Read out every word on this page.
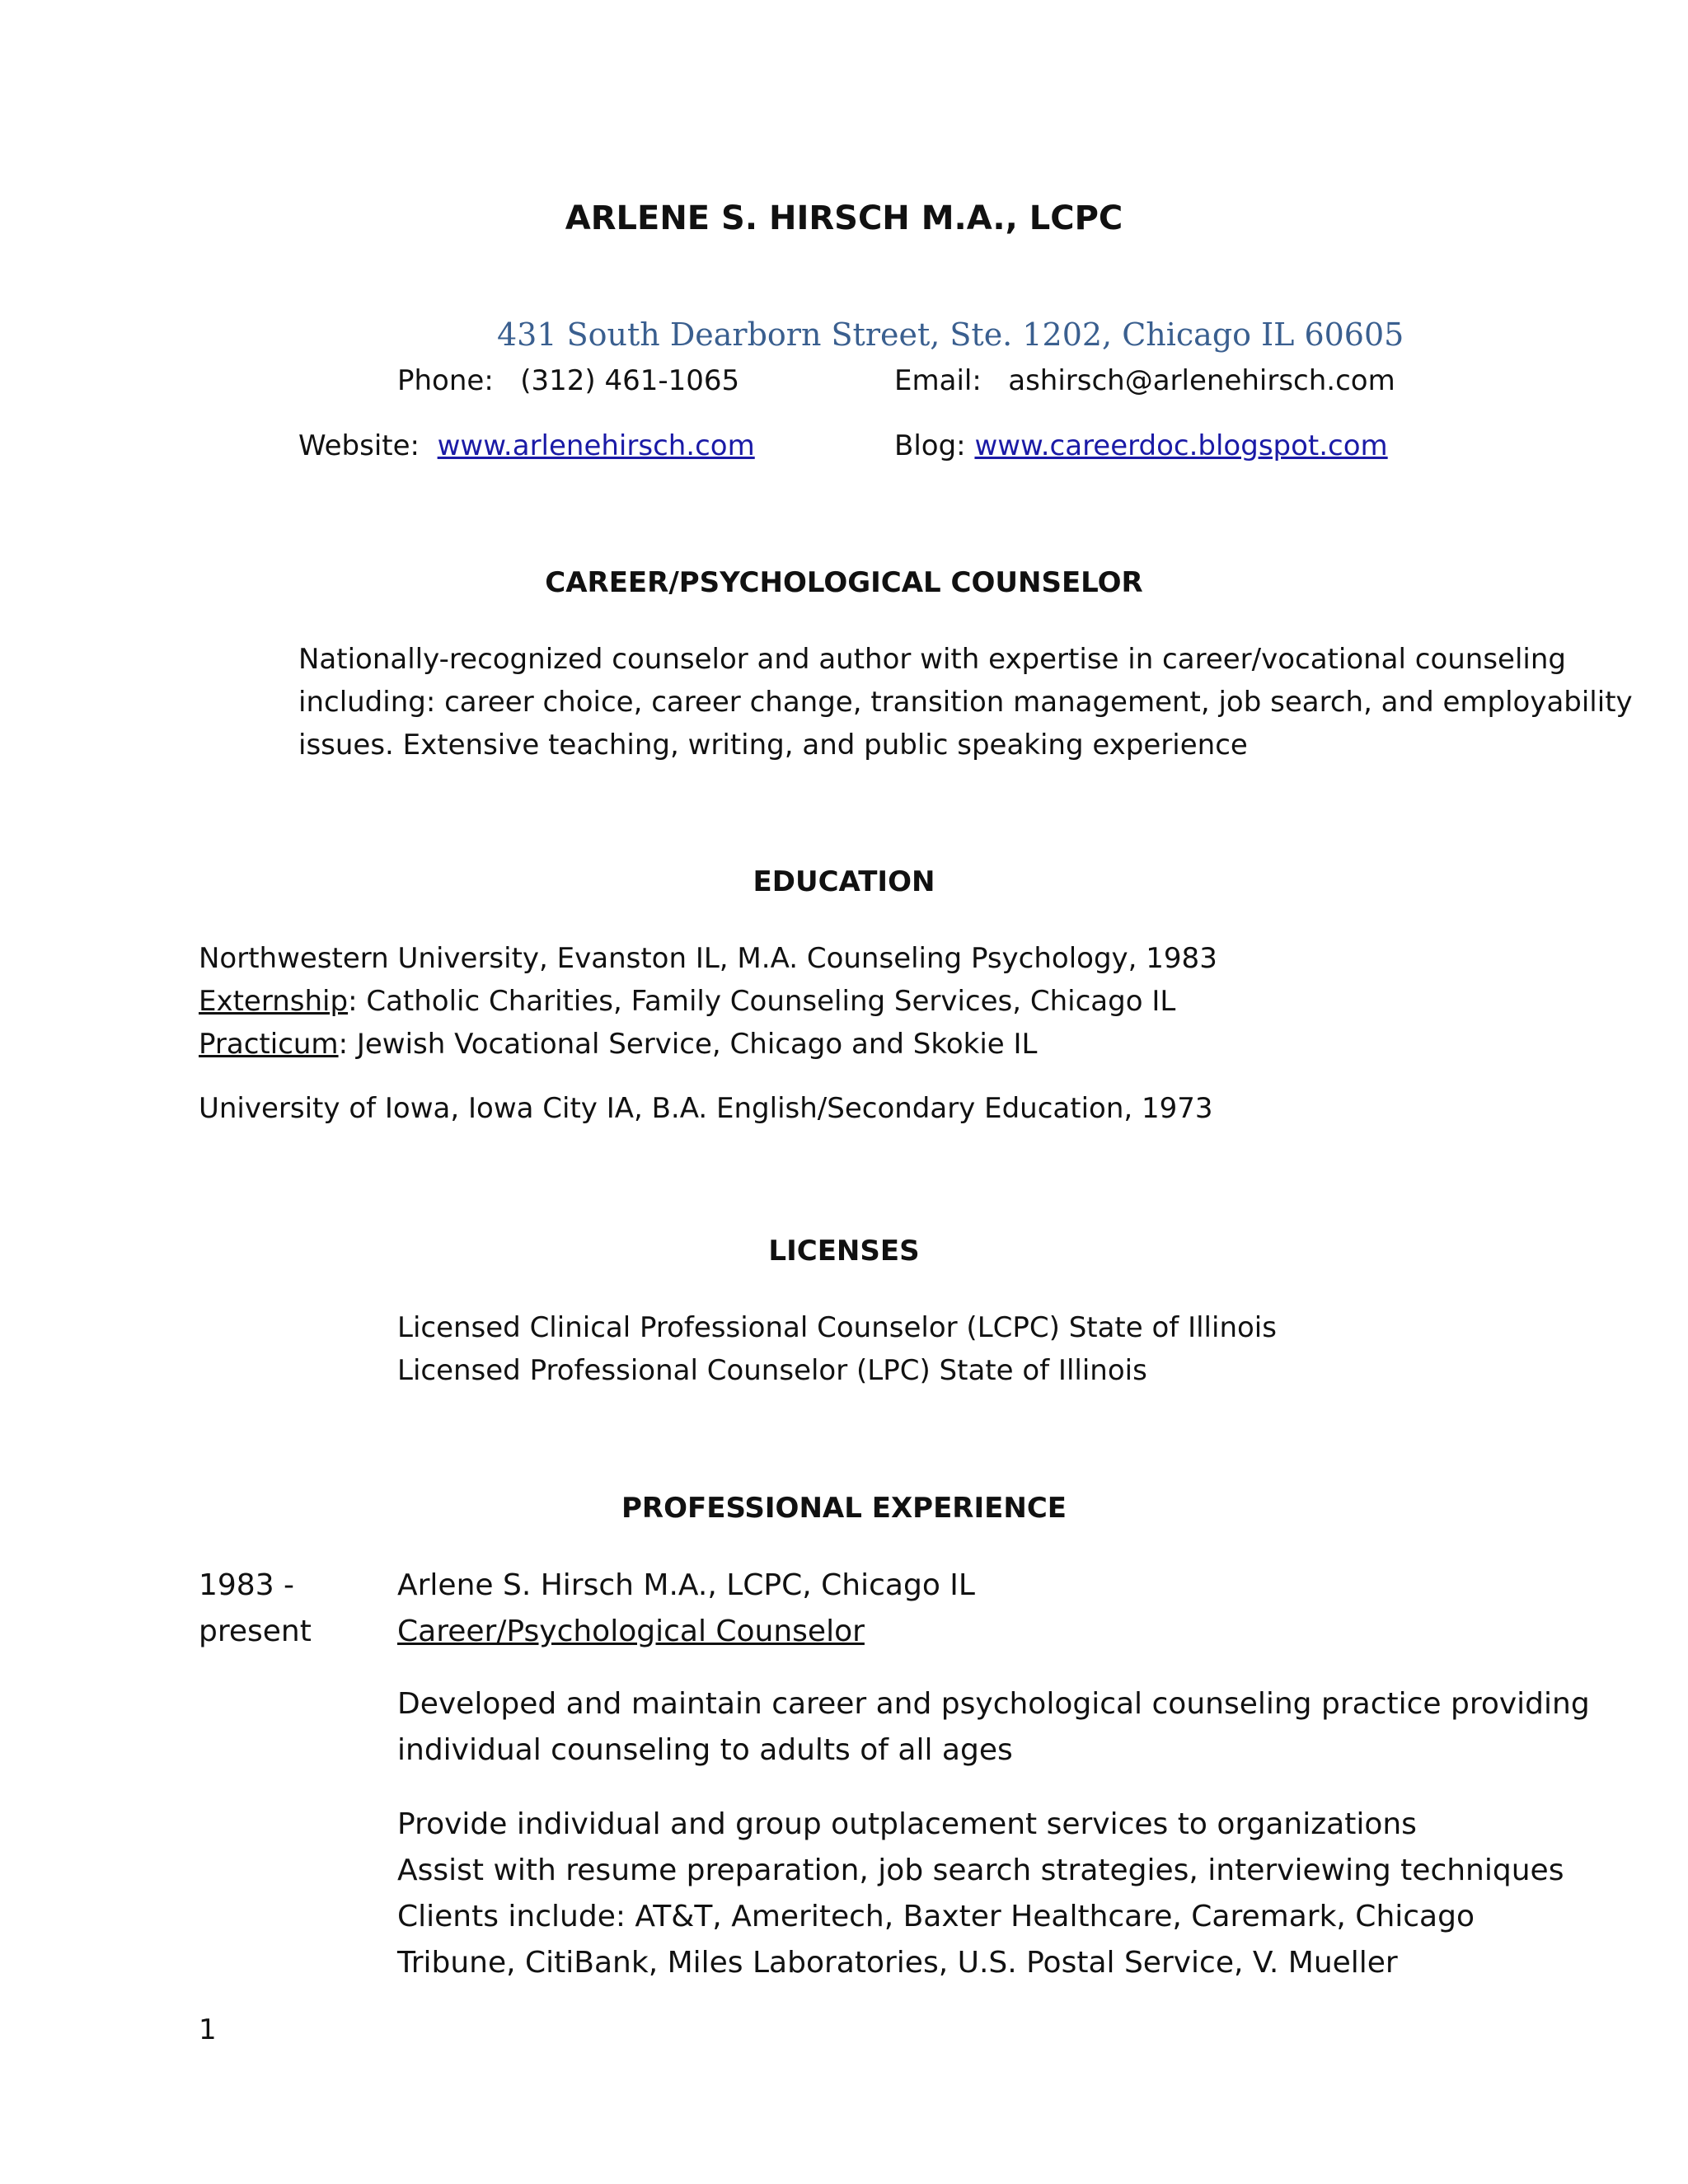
ARLENE S. HIRSCH M.A., LCPC
431 South Dearborn Street, Ste. 1202, Chicago IL 60605
Phone: (312) 461-1065	Email: ashirsch@arlenehirsch.com
Website: www.arlenehirsch.com	Blog: www.careerdoc.blogspot.com
CAREER/PSYCHOLOGICAL COUNSELOR
Nationally-recognized counselor and author with expertise in career/vocational counseling
including: career choice, career change, transition management, job search, and employability
issues. Extensive teaching, writing, and public speaking experience
EDUCATION
Northwestern University, Evanston IL, M.A. Counseling Psychology, 1983
Externship: Catholic Charities, Family Counseling Services, Chicago IL
Practicum: Jewish Vocational Service, Chicago and Skokie IL
University of Iowa, Iowa City IA, B.A. English/Secondary Education, 1973
LICENSES
Licensed Clinical Professional Counselor (LCPC) State of Illinois
Licensed Professional Counselor (LPC) State of Illinois
PROFESSIONAL EXPERIENCE
1983 -
present
Arlene S. Hirsch M.A., LCPC, Chicago IL
Career/Psychological Counselor
Developed and maintain career and psychological counseling practice providing
individual counseling to adults of all ages
Provide individual and group outplacement services to organizations
Assist with resume preparation, job search strategies, interviewing techniques
Clients include: AT&T, Ameritech, Baxter Healthcare, Caremark, Chicago
Tribune, CitiBank, Miles Laboratories, U.S. Postal Service, V. Mueller
1
